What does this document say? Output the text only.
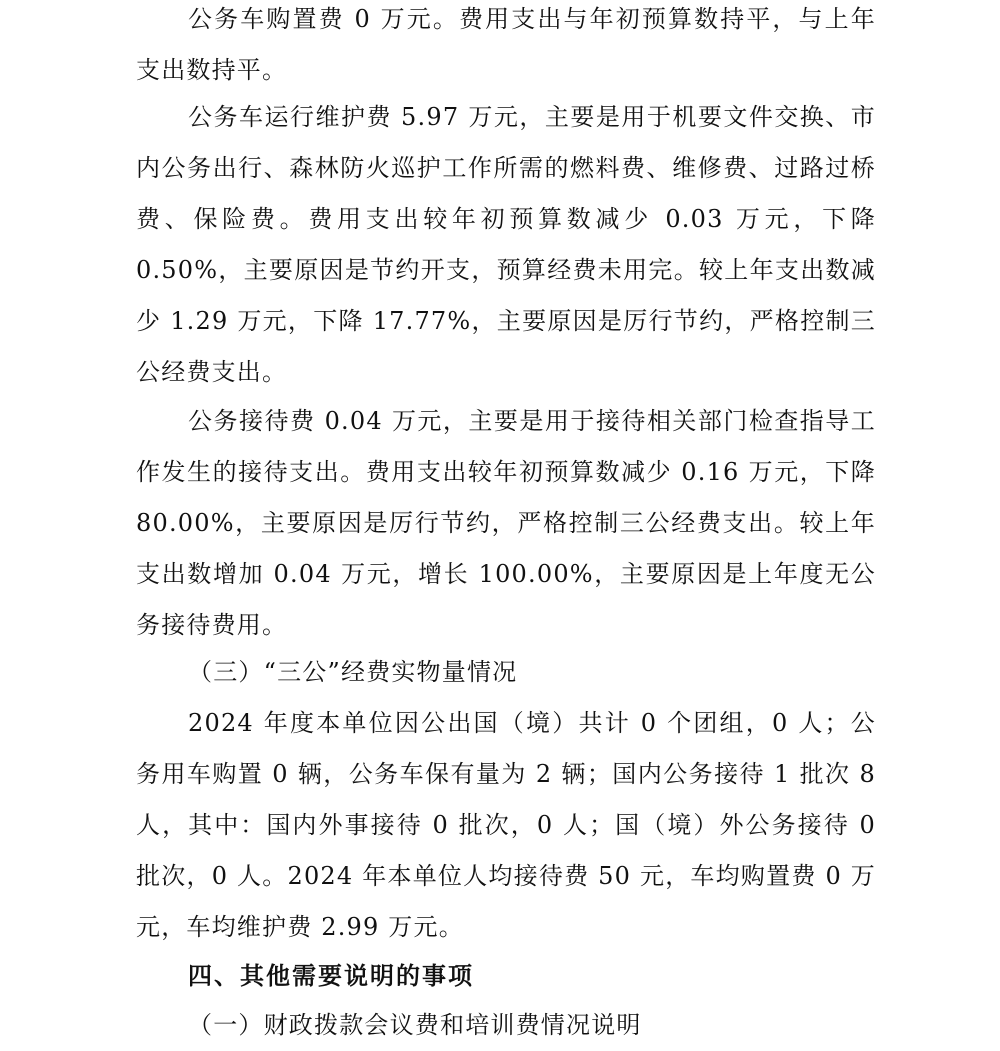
公务车购置费 0 万元。费用支出与年初预算数持平，与上年支出数持平。

公务车运行维护费 5.97 万元，主要是用于机要文件交换、市内公务出行、森林防火巡护工作所需的燃料费、维修费、过路过桥费、保险费。费用支出较年初预算数减少 0.03 万元，下降 0.50%，主要原因是节约开支，预算经费未用完。较上年支出数减少 1.29 万元，下降 17.77%，主要原因是厉行节约，严格控制三公经费支出。

公务接待费 0.04 万元，主要是用于接待相关部门检查指导工作发生的接待支出。费用支出较年初预算数减少 0.16 万元，下降 80.00%，主要原因是厉行节约，严格控制三公经费支出。较上年支出数增加 0.04 万元，增长 100.00%，主要原因是上年度无公务接待费用。

（三）“三公”经费实物量情况

2024 年度本单位因公出国（境）共计 0 个团组，0 人；公务用车购置 0 辆，公务车保有量为 2 辆；国内公务接待 1 批次 8 人，其中：国内外事接待 0 批次，0 人；国（境）外公务接待 0 批次，0 人。2024 年本单位人均接待费 50 元，车均购置费 0 万元，车均维护费 2.99 万元。

四、其他需要说明的事项

（一）财政拨款会议费和培训费情况说明
